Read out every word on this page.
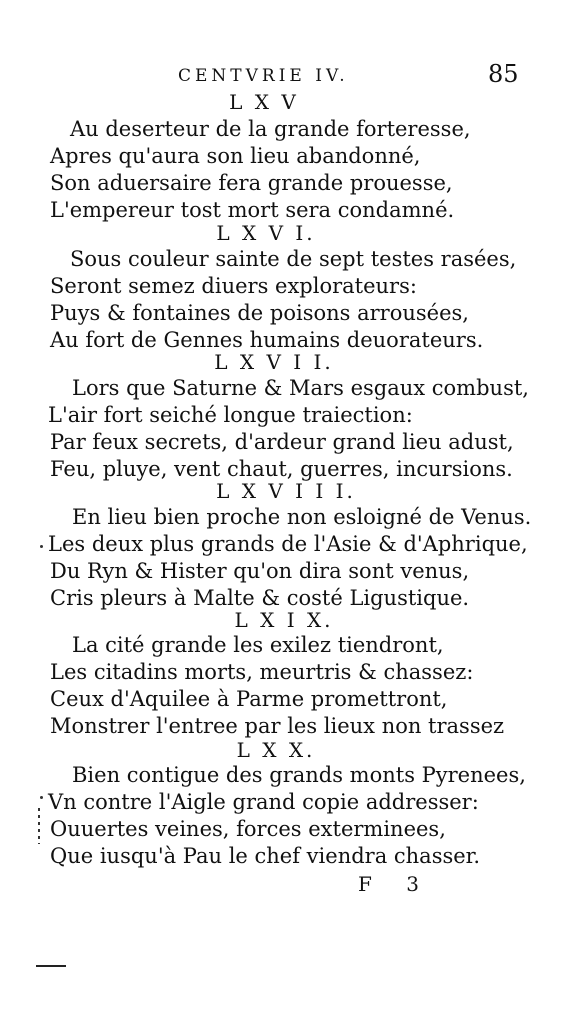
CENTVRIE IV.	85
L X V
Au deserteur de la grande forteresse,
Apres qu'aura son lieu abandonné,
Son aduersaire fera grande prouesse,
L'empereur tost mort sera condamné.
L X V I.
Sous couleur sainte de sept testes rasées,
Seront semez diuers explorateurs:
Puys & fontaines de poisons arrousées,
Au fort de Gennes humains deuorateurs.
L X V I I.
Lors que Saturne & Mars esgaux combust,
L'air fort seiché longue traiection:
Par feux secrets, d'ardeur grand lieu adust,
Feu, pluye, vent chaut, guerres, incursions.
L X V I I I.
En lieu bien proche non esloigné de Venus.
Les deux plus grands de l'Asie & d'Aphrique,
Du Ryn & Hister qu'on dira sont venus,
Cris pleurs à Malte & costé Ligustique.
L X I X.
La cité grande les exilez tiendront,
Les citadins morts, meurtris & chassez:
Ceux d'Aquilee à Parme promettront,
Monstrer l'entree par les lieux non trassez
L X X.
Bien contigue des grands monts Pyrenees,
Vn contre l'Aigle grand copie addresser:
Ouuertes veines, forces exterminees,
Que iusqu'à Pau le chef viendra chasser.
F 3
